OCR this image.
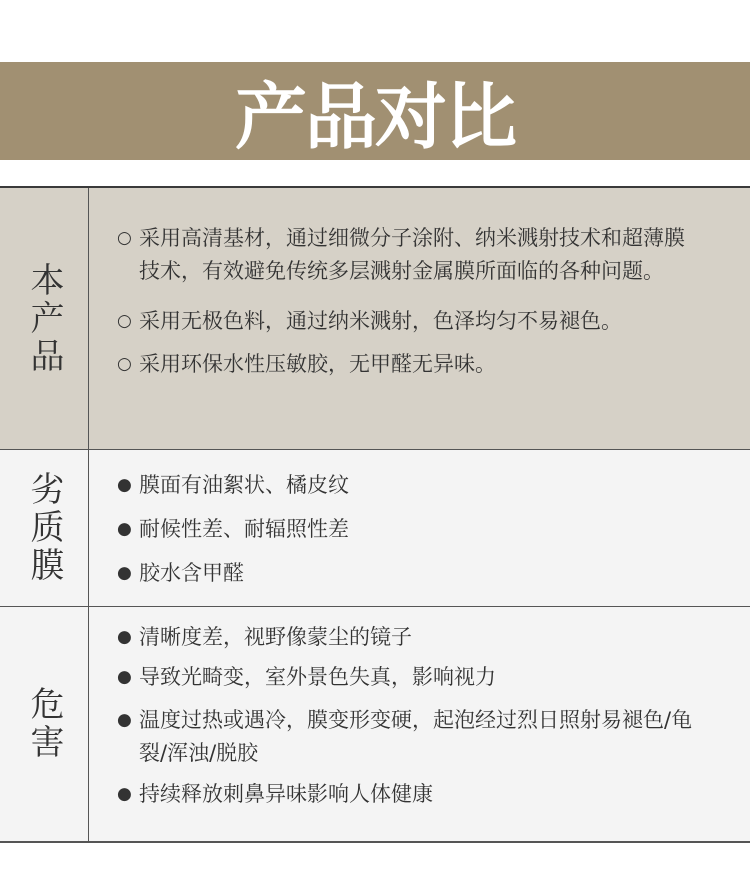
产品对比
本产品
○ 采用高清基材，通过细微分子涂附、纳米溅射技术和超薄膜技术，有效避免传统多层溅射金属膜所面临的各种问题。
○ 采用无极色料，通过纳米溅射，色泽均匀不易褪色。
○ 采用环保水性压敏胶，无甲醛无异味。
劣质膜	● 膜面有油絮状、橘皮纹
● 耐候性差、耐辐照性差
● 胶水含甲醛
危害
● 清晰度差，视野像蒙尘的镜子
● 导致光畸变，室外景色失真，影响视力
● 温度过热或遇冷，膜变形变硬，起泡经过烈日照射易褪色/龟裂/浑浊/脱胶
● 持续释放刺鼻异味影响人体健康
